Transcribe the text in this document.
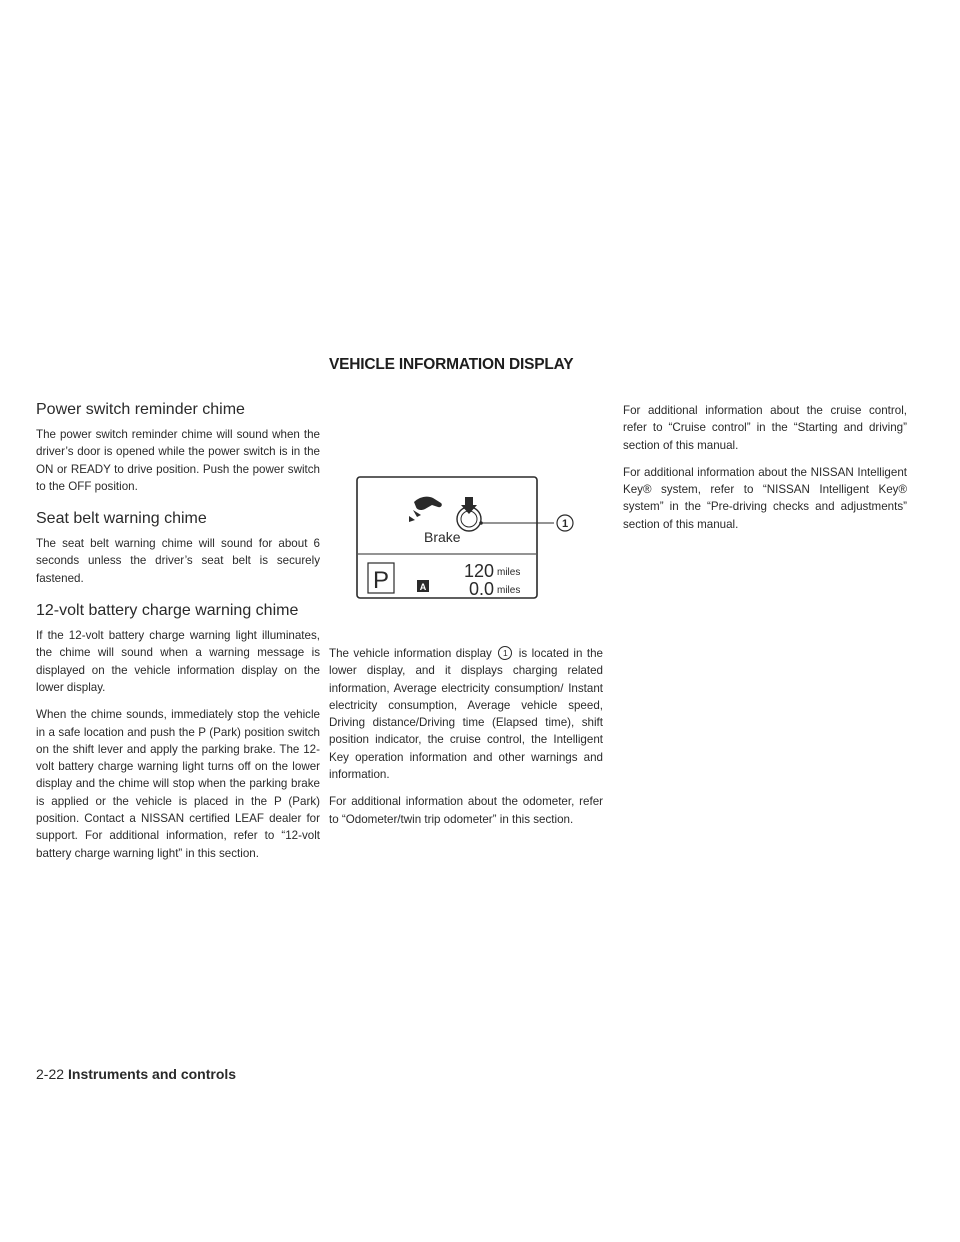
Power switch reminder chime

The power switch reminder chime will sound when the driver’s door is opened while the power switch is in the ON or READY to drive position. Push the power switch to the OFF position.

Seat belt warning chime

The seat belt warning chime will sound for about 6 seconds unless the driver’s seat belt is securely fastened.

12-volt battery charge warning chime

If the 12-volt battery charge warning light illuminates, the chime will sound when a warning message is displayed on the vehicle information display on the lower display.

When the chime sounds, immediately stop the vehicle in a safe location and push the P (Park) position switch on the shift lever and apply the parking brake. The 12-volt battery charge warning light turns off on the lower display and the chime will stop when the parking brake is applied or the vehicle is placed in the P (Park) position. Contact a NISSAN certified LEAF dealer for support. For additional information, refer to “12-volt battery charge warning light” in this section.

VEHICLE INFORMATION DISPLAY
Brake
1
P	A
120 miles
0.0 miles

The vehicle information display 1 is located in the lower display, and it displays charging related information, Average electricity consumption/ Instant electricity consumption, Average vehicle speed, Driving distance/Driving time (Elapsed time), shift position indicator, the cruise control, the Intelligent Key operation information and other warnings and information.

For additional information about the odometer, refer to “Odometer/twin trip odometer” in this section.

For additional information about the cruise control, refer to “Cruise control” in the “Starting and driving” section of this manual.

For additional information about the NISSAN Intelligent Key® system, refer to “NISSAN Intelligent Key® system” in the “Pre-driving checks and adjustments” section of this manual.

2-22 Instruments and controls
